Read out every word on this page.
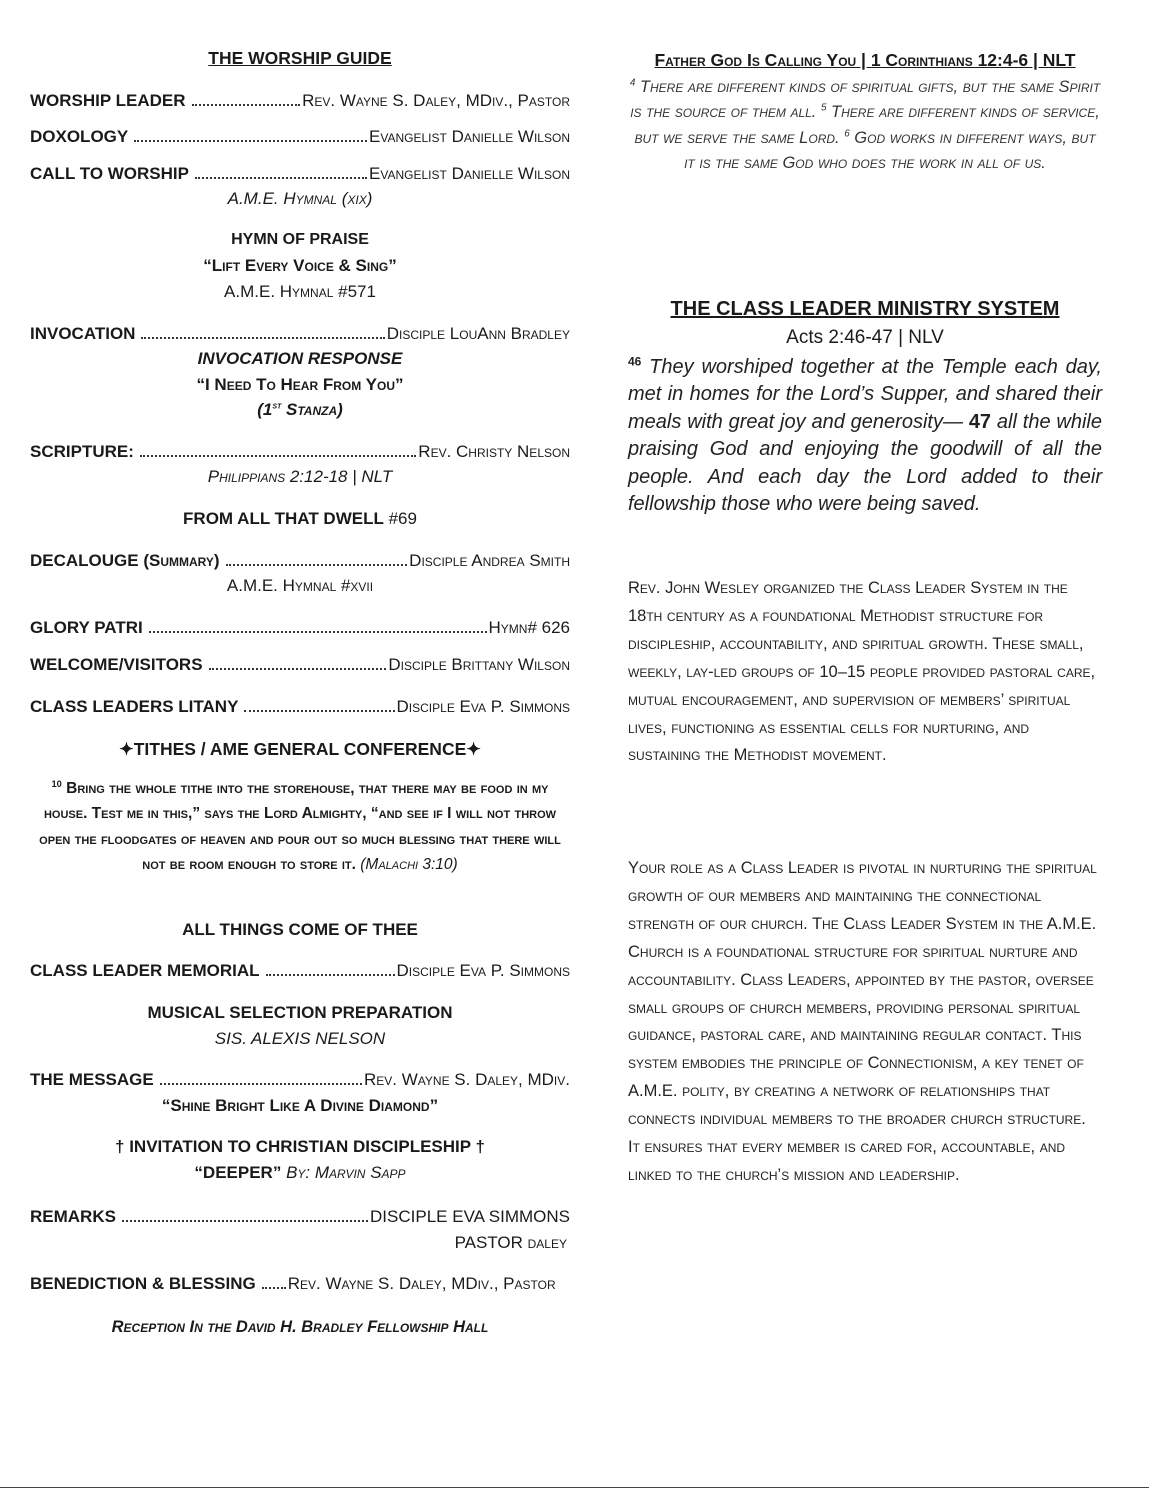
THE WORSHIP GUIDE
WORSHIP LEADER	Rev. Wayne S. Daley, MDiv., Pastor
DOXOLOGY	Evangelist Danielle Wilson
CALL TO WORSHIP	Evangelist Danielle Wilson
A.M.E. Hymnal (xix)
HYMN OF PRAISE
“Lift Every Voice & Sing”
A.M.E. Hymnal #571
INVOCATION	Disciple LouAnn Bradley
INVOCATION RESPONSE
“I Need To Hear From You”
(1st Stanza)
SCRIPTURE:	Rev. Christy Nelson
Philippians 2:12-18 | NLT
FROM ALL THAT DWELL #69
DECALOUGE (Summary)	Disciple Andrea Smith
A.M.E. Hymnal #xvii
GLORY PATRI	Hymn# 626
WELCOME/VISITORS	Disciple Brittany Wilson
CLASS LEADERS LITANY	Disciple Eva P. Simmons
✦TITHES / AME GENERAL CONFERENCE✦
$^{10}$ Bring the whole tithe into the storehouse, that there may be food in my house. Test me in this,” says the Lord Almighty, “and see if I will not throw open the floodgates of heaven and pour out so much blessing that there will not be room enough to store it. (Malachi 3:10)
ALL THINGS COME OF THEE
CLASS LEADER MEMORIAL	Disciple Eva P. Simmons
MUSICAL SELECTION PREPARATION
SIS. ALEXIS NELSON
THE MESSAGE	Rev. Wayne S. Daley, MDiv.
“Shine Bright Like A Divine Diamond”
† INVITATION TO CHRISTIAN DISCIPLESHIP †
“DEEPER” By: Marvin Sapp
REMARKS	DISCIPLE EVA SIMMONS
PASTOR daley
BENEDICTION & BLESSING Rev. Wayne S. Daley, MDiv., Pastor
Reception In the David H. Bradley Fellowship Hall
Father God Is Calling You | 1 Corinthians 12:4-6 | NLT
$^4$ There are different kinds of spiritual gifts, but the same Spirit is the source of them all. $^5$ There are different kinds of service, but we serve the same Lord. $^6$ God works in different ways, but it is the same God who does the work in all of us.
THE CLASS LEADER MINISTRY SYSTEM
Acts 2:46-47 | NLV
$^{46}$ They worshiped together at the Temple each day, met in homes for the Lord’s Supper, and shared their meals with great joy and generosity— 47 all the while praising God and enjoying the goodwill of all the people. And each day the Lord added to their fellowship those who were being saved.
Rev. John Wesley organized the Class Leader System in the 18th century as a foundational Methodist structure for discipleship, accountability, and spiritual growth. These small, weekly, lay-led groups of 10–15 people provided pastoral care, mutual encouragement, and supervision of members’ spiritual lives, functioning as essential cells for nurturing, and sustaining the Methodist movement.
Your role as a Class Leader is pivotal in nurturing the spiritual growth of our members and maintaining the connectional strength of our church. The Class Leader System in the A.M.E. Church is a foundational structure for spiritual nurture and accountability. Class Leaders, appointed by the pastor, oversee small groups of church members, providing personal spiritual guidance, pastoral care, and maintaining regular contact. This system embodies the principle of Connectionism, a key tenet of A.M.E. polity, by creating a network of relationships that connects individual members to the broader church structure. It ensures that every member is cared for, accountable, and linked to the church’s mission and leadership.
